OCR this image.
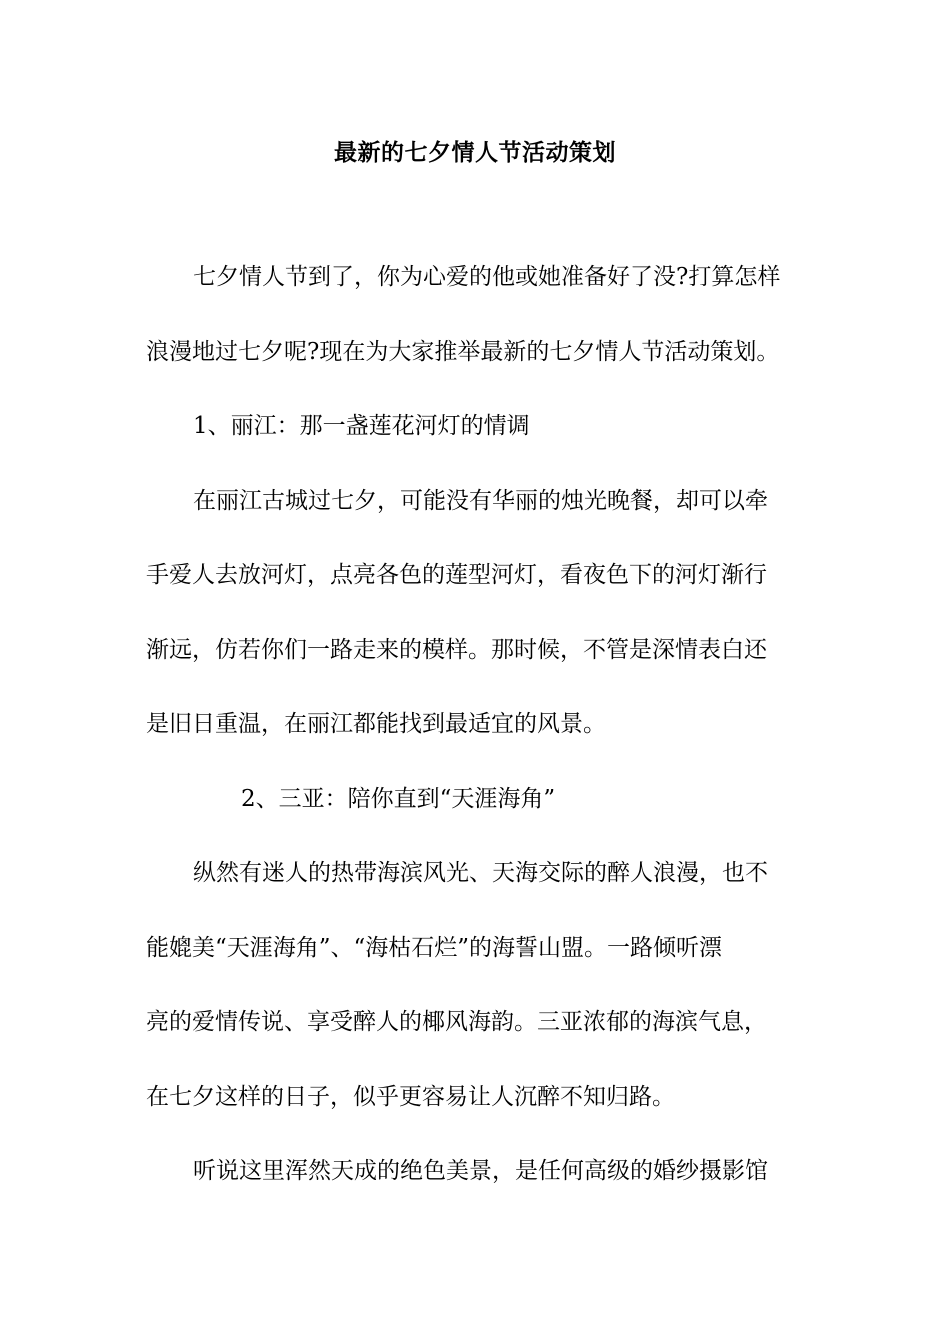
最新的七夕情人节活动策划
七夕情人节到了，你为心爱的他或她准备好了没?打算怎样
浪漫地过七夕呢?现在为大家推举最新的七夕情人节活动策划。
1、丽江：那一盏莲花河灯的情调
在丽江古城过七夕，可能没有华丽的烛光晚餐，却可以牵
手爱人去放河灯，点亮各色的莲型河灯，看夜色下的河灯渐行
渐远，仿若你们一路走来的模样。那时候，不管是深情表白还
是旧日重温，在丽江都能找到最适宜的风景。
2、三亚：陪你直到“天涯海角”
纵然有迷人的热带海滨风光、天海交际的醉人浪漫，也不
能媲美“天涯海角”、“海枯石烂”的海誓山盟。一路倾听漂
亮的爱情传说、享受醉人的椰风海韵。三亚浓郁的海滨气息，
在七夕这样的日子，似乎更容易让人沉醉不知归路。
听说这里浑然天成的绝色美景，是任何高级的婚纱摄影馆
